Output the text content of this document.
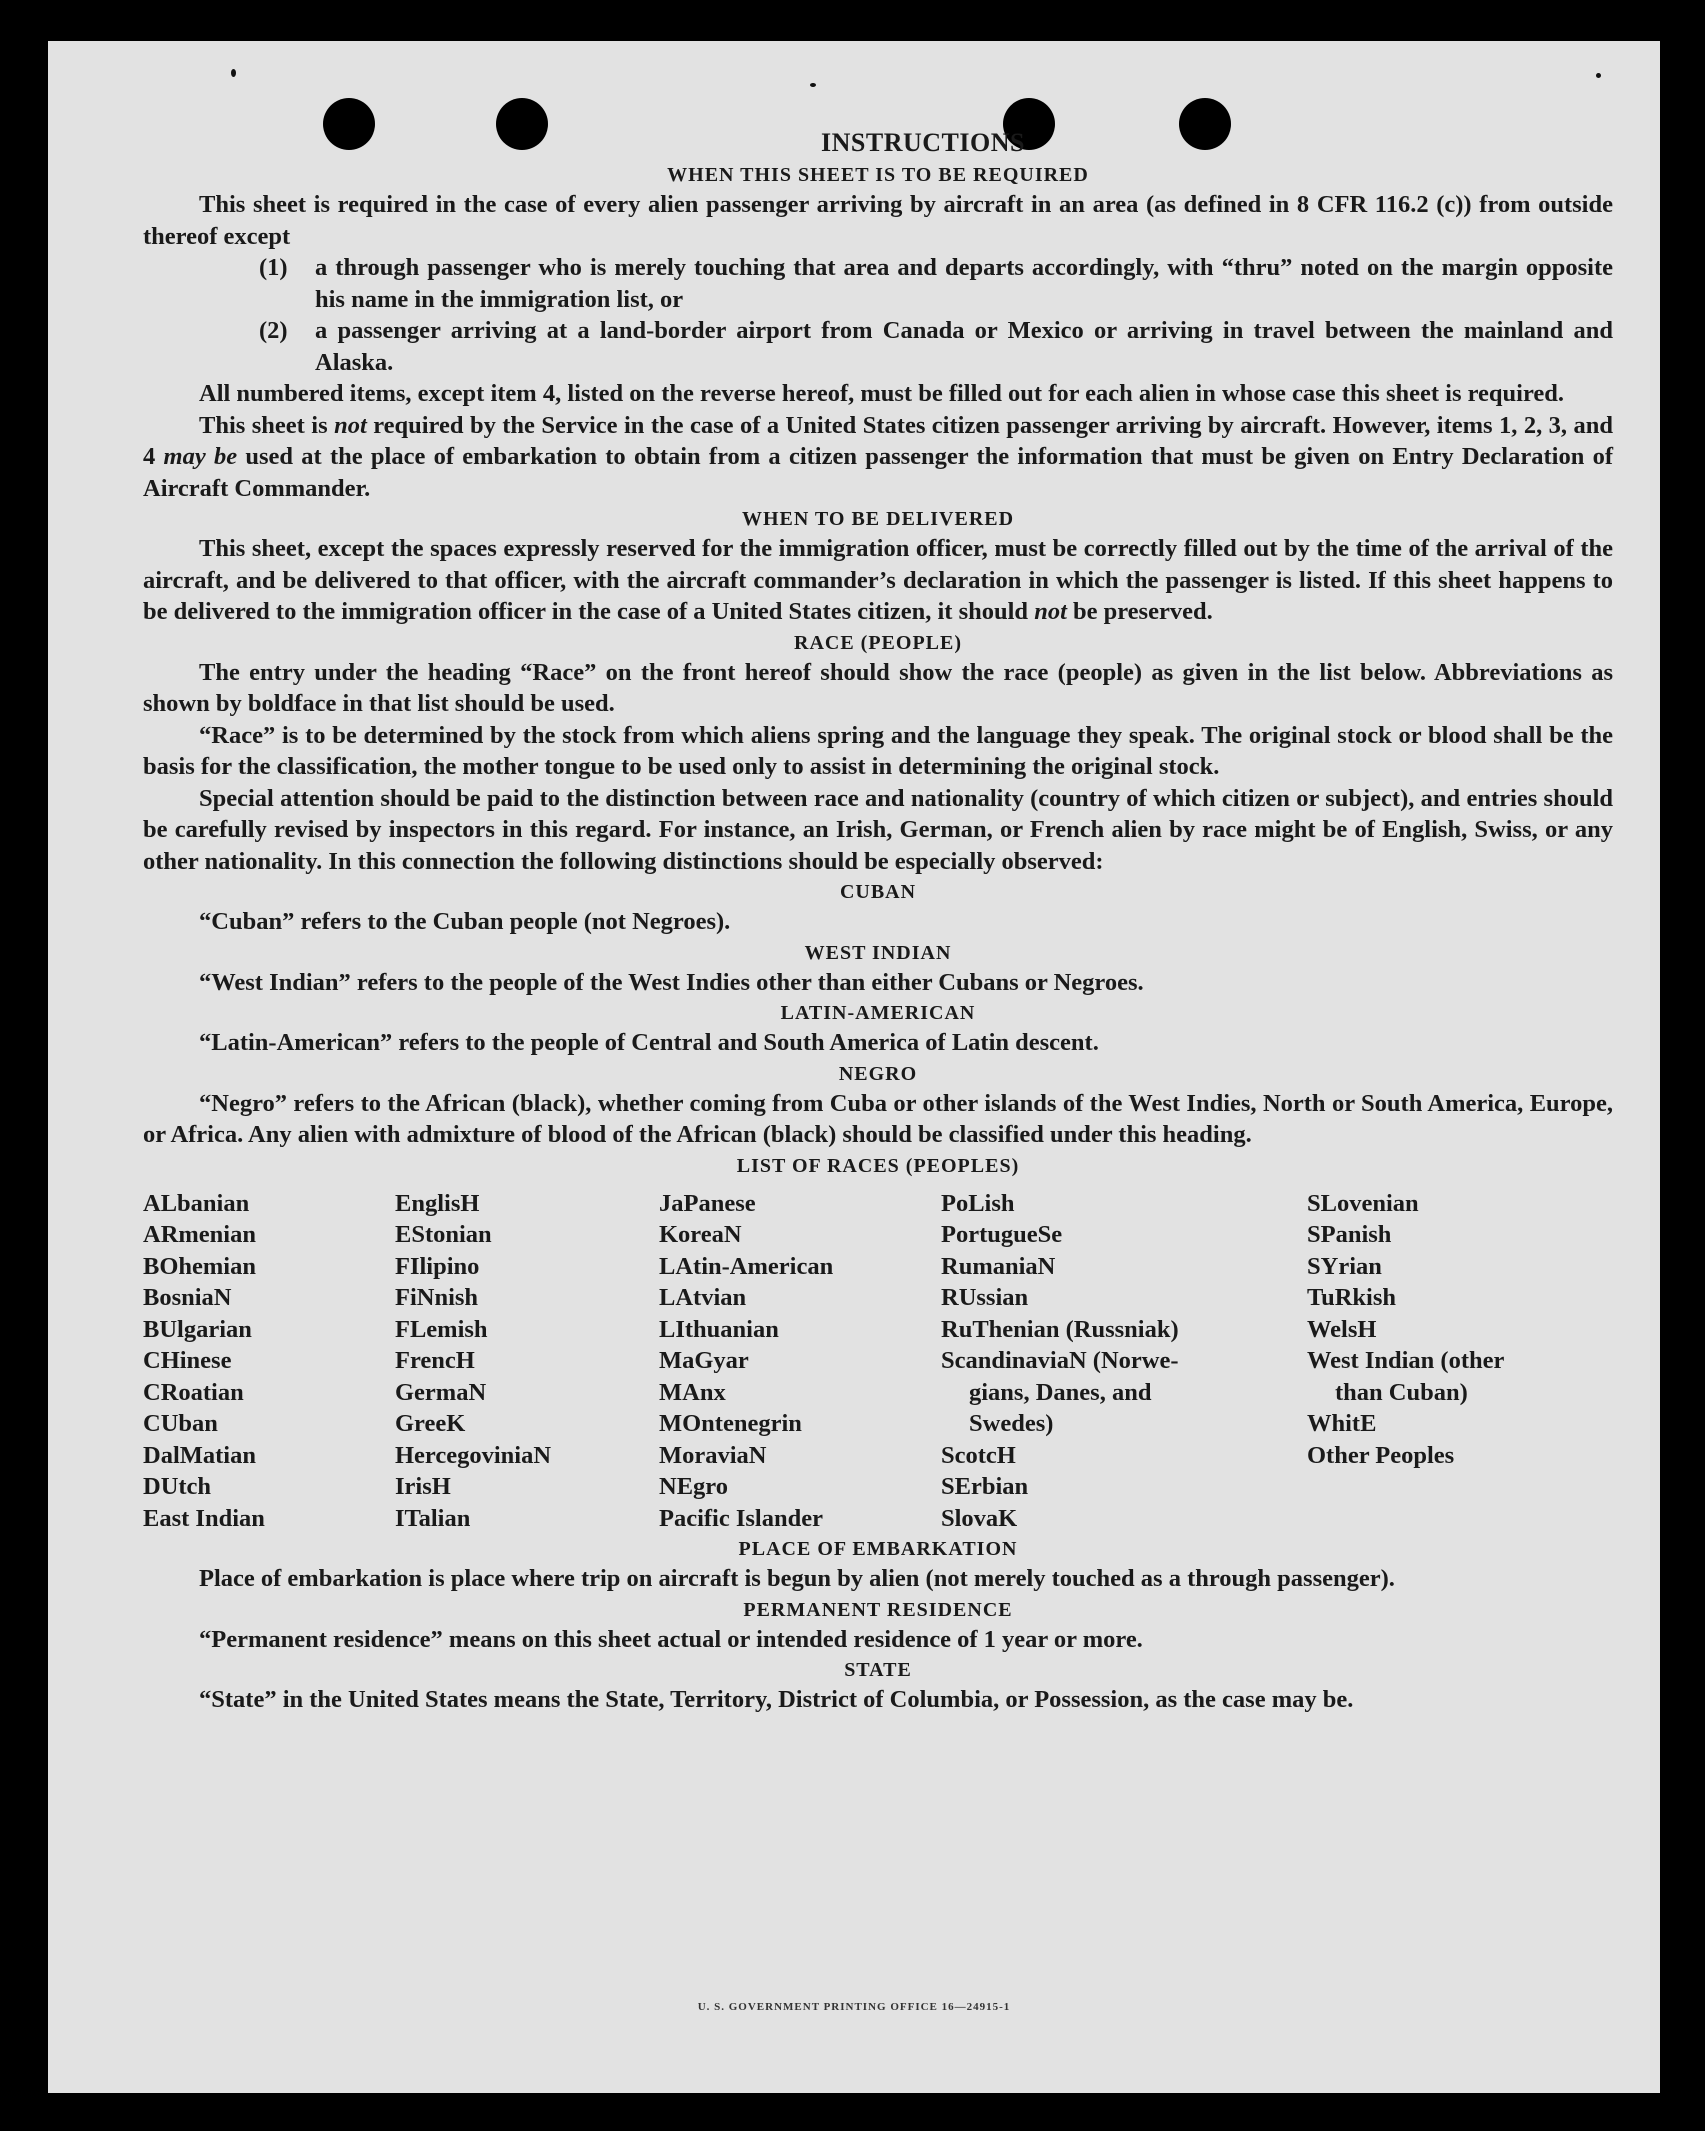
INSTRUCTIONS
WHEN THIS SHEET IS TO BE REQUIRED

This sheet is required in the case of every alien passenger arriving by aircraft in an area (as defined in 8 CFR 116.2 (c)) from outside thereof except

(1)	a through passenger who is merely touching that area and departs accordingly, with “thru” noted on the margin opposite his name in the immigration list, or
(2)	a passenger arriving at a land-border airport from Canada or Mexico or arriving in travel between the mainland and Alaska.

All numbered items, except item 4, listed on the reverse hereof, must be filled out for each alien in whose case this sheet is required.

This sheet is not required by the Service in the case of a United States citizen passenger arriving by aircraft. However, items 1, 2, 3, and 4 may be used at the place of embarkation to obtain from a citizen passenger the information that must be given on Entry Declaration of Aircraft Commander.

WHEN TO BE DELIVERED

This sheet, except the spaces expressly reserved for the immigration officer, must be correctly filled out by the time of the arrival of the aircraft, and be delivered to that officer, with the aircraft commander’s declaration in which the passenger is listed. If this sheet happens to be delivered to the immigration officer in the case of a United States citizen, it should not be preserved.

RACE (PEOPLE)

The entry under the heading “Race” on the front hereof should show the race (people) as given in the list below. Abbreviations as shown by boldface in that list should be used.

“Race” is to be determined by the stock from which aliens spring and the language they speak. The original stock or blood shall be the basis for the classification, the mother tongue to be used only to assist in determining the original stock.

Special attention should be paid to the distinction between race and nationality (country of which citizen or subject), and entries should be carefully revised by inspectors in this regard. For instance, an Irish, German, or French alien by race might be of English, Swiss, or any other nationality. In this connection the following distinctions should be especially observed:

CUBAN

“Cuban” refers to the Cuban people (not Negroes).

WEST INDIAN

“West Indian” refers to the people of the West Indies other than either Cubans or Negroes.

LATIN-AMERICAN

“Latin-American” refers to the people of Central and South America of Latin descent.

NEGRO

“Negro” refers to the African (black), whether coming from Cuba or other islands of the West Indies, North or South America, Europe, or Africa. Any alien with admixture of blood of the African (black) should be classified under this heading.

LIST OF RACES (PEOPLES)
ALbanian
ARmenian
BOhemian
BosniaN
BUlgarian
CHinese
CRoatian
CUban
DalMatian
DUtch
East Indian
EnglisH
EStonian
FIlipino
FiNnish
FLemish
FrencH
GermaN
GreeK
HercegoviniaN
IrisH
ITalian
JaPanese
KoreaN
LAtin-American
LAtvian
LIthuanian
MaGyar
MAnx
MOntenegrin
MoraviaN
NEgro
Pacific Islander
PoLish
PortugueSe
RumaniaN
RUssian
RuThenian (Russniak)
ScandinaviaN (Norwe-
gians, Danes, and
Swedes)
ScotcH
SErbian
SlovaK
SLovenian
SPanish
SYrian
TuRkish
WelsH
West Indian (other
than Cuban)
WhitE
Other Peoples
PLACE OF EMBARKATION

Place of embarkation is place where trip on aircraft is begun by alien (not merely touched as a through passenger).

PERMANENT RESIDENCE

“Permanent residence” means on this sheet actual or intended residence of 1 year or more.

STATE

“State” in the United States means the State, Territory, District of Columbia, or Possession, as the case may be.

U. S. GOVERNMENT PRINTING OFFICE 16—24915-1
